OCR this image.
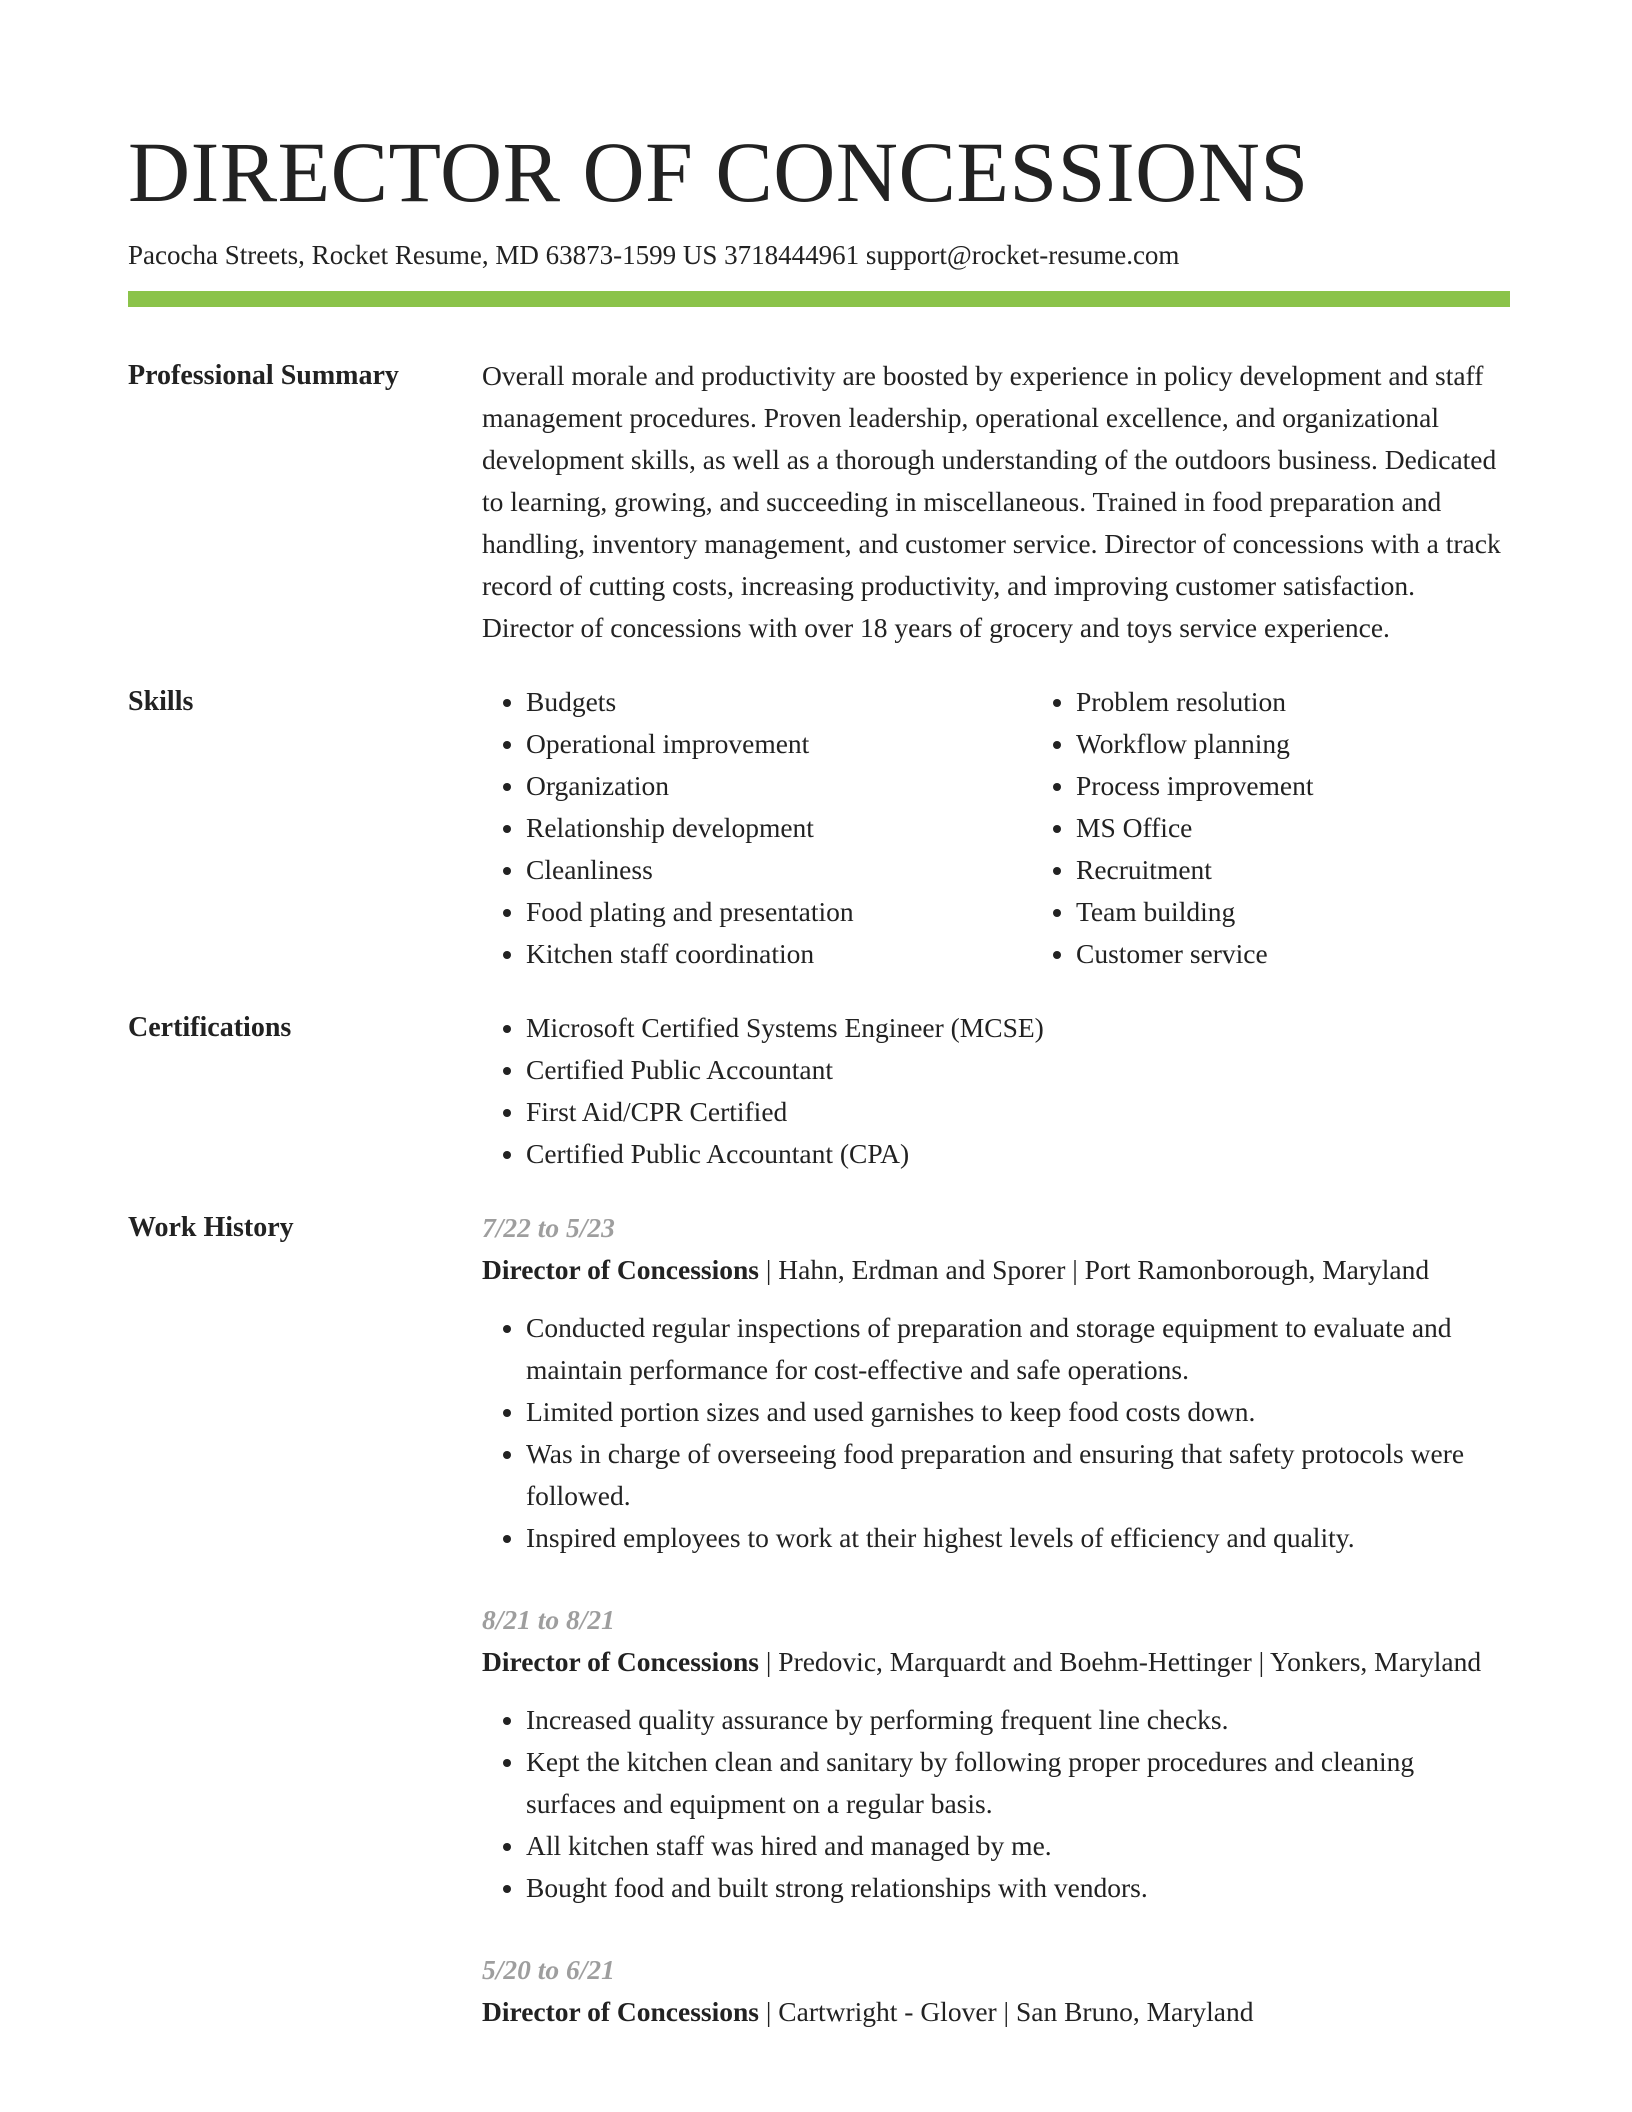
DIRECTOR OF CONCESSIONS
Pacocha Streets, Rocket Resume, MD 63873-1599 US 3718444961 support@rocket-resume.com
Professional Summary	Overall morale and productivity are boosted by experience in policy development and staff management procedures. Proven leadership, operational excellence, and organizational development skills, as well as a thorough understanding of the outdoors business. Dedicated to learning, growing, and succeeding in miscellaneous. Trained in food preparation and handling, inventory management, and customer service. Director of concessions with a track record of cutting costs, increasing productivity, and improving customer satisfaction. Director of concessions with over 18 years of grocery and toys service experience.

Skills	• Budgets
• Operational improvement
• Organization
• Relationship development
• Cleanliness
• Food plating and presentation
• Kitchen staff coordination
• Problem resolution
• Workflow planning
• Process improvement
• MS Office
• Recruitment
• Team building
• Customer service
Certifications	• Microsoft Certified Systems Engineer (MCSE)
• Certified Public Accountant
• First Aid/CPR Certified
• Certified Public Accountant (CPA)
Work History	7/22 to 5/23
Director of Concessions | Hahn, Erdman and Sporer | Port Ramonborough, Maryland
• Conducted regular inspections of preparation and storage equipment to evaluate and maintain performance for cost-effective and safe operations.
• Limited portion sizes and used garnishes to keep food costs down.
• Was in charge of overseeing food preparation and ensuring that safety protocols were followed.
• Inspired employees to work at their highest levels of efficiency and quality.
8/21 to 8/21
Director of Concessions | Predovic, Marquardt and Boehm-Hettinger | Yonkers, Maryland
• Increased quality assurance by performing frequent line checks.
• Kept the kitchen clean and sanitary by following proper procedures and cleaning surfaces and equipment on a regular basis.
• All kitchen staff was hired and managed by me.
• Bought food and built strong relationships with vendors.
5/20 to 6/21
Director of Concessions | Cartwright - Glover | San Bruno, Maryland
